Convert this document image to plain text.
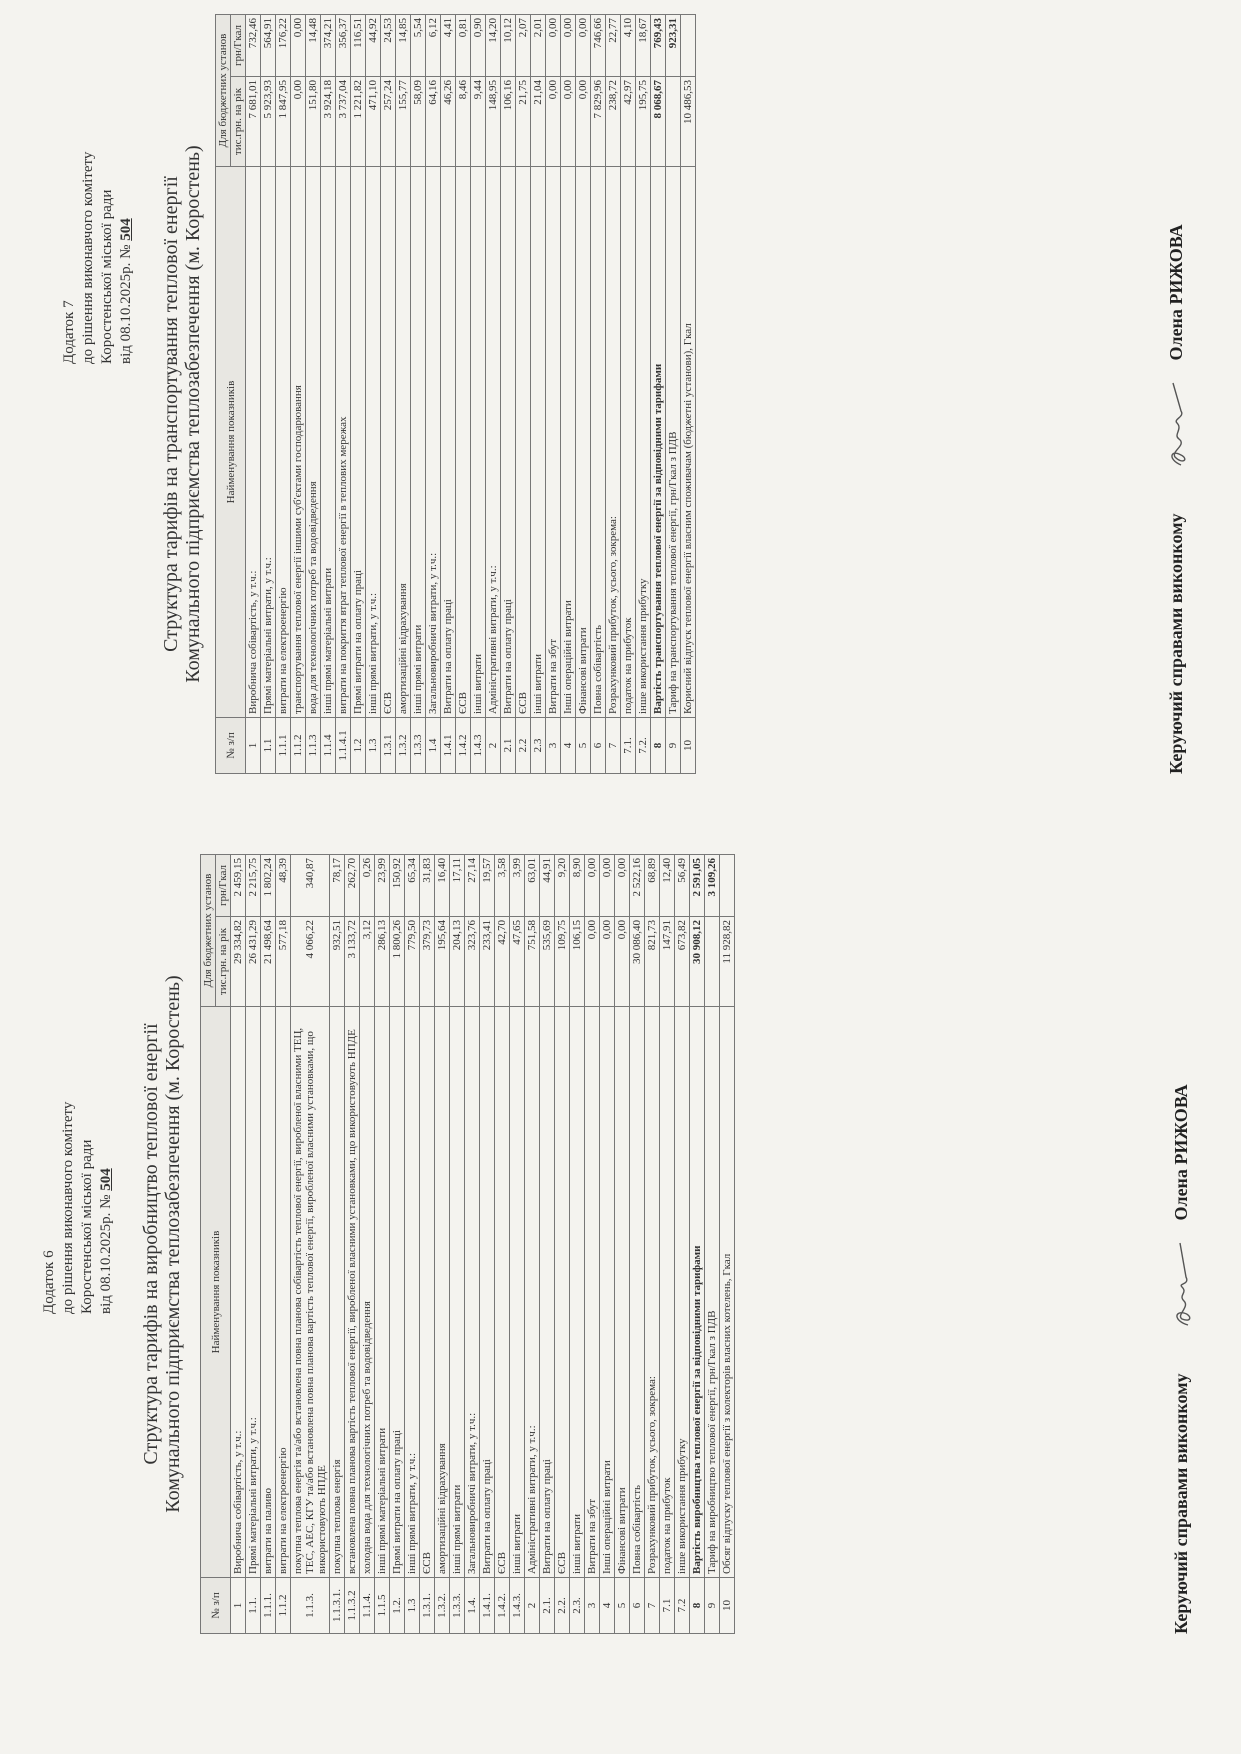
Додаток 6 до рішення виконавчого комітету Коростенської міської ради від 08.10.2025р. № 504 Структура тарифів на виробництво теплової енергії Комунального підприємства теплозабезпечення (м. Коростень)
№ з/п	Найменування показників	Для бюджетних установ	
		тис.грн. на рік	грн/Гкал
1	Виробнича собівартість, у т.ч.:	29 334,82	2 459,15
1.1.	Прямі матеріальні витрати, у т.ч.:	26 431,29	2 215,75
1.1.1.	витрати на паливо	21 498,64	1 802,24
1.1.2	витрати на електроенергію	577,18	48,39
1.1.3.	покупна теплова енергія та/або встановлена повна планова собівартість теплової енергії, виробленої власними ТЕЦ, ТЕС, АЕС, КГУ та/або встановлена повна планова вартість теплової енергії, виробленої власними установками, що використовують НПДЕ	4 066,22	340,87
1.1.3.1.	покупна теплова енергія	932,51	78,17
1.1.3.2	встановлена повна планова вартість теплової енергії, виробленої власними установками, що використовують НПДЕ	3 133,72	262,70
1.1.4.	холодна вода для технологічних потреб та водовідведення	3,12	0,26
1.1.5	інші прямі матеріальні витрати	286,13	23,99
1.2.	Прямі витрати на оплату праці	1 800,26	150,92
1.3	інші прямі витрати, у т.ч.:	779,50	65,34
1.3.1.	ЄСВ	379,73	31,83
1.3.2.	амортизаційні відрахування	195,64	16,40
1.3.3.	інші прямі витрати	204,13	17,11
1.4.	Загальновиробничі витрати, у т.ч.:	323,76	27,14
1.4.1.	Витрати на оплату праці	233,41	19,57
1.4.2.	ЄСВ	42,70	3,58
1.4.3.	інші витрати	47,65	3,99
2	Адміністративні витрати, у т.ч.:	751,58	63,01
2.1.	Витрати на оплату праці	535,69	44,91
2.2.	ЄСВ	109,75	9,20
2.3.	інші витрати	106,15	8,90
3	Витрати на збут	0,00	0,00
4	Інші операційні витрати	0,00	0,00
5	Фінансові витрати	0,00	0,00
6	Повна собівартість	30 086,40	2 522,16
7	Розрахунковий прибуток, усього, зокрема:	821,73	68,89
7.1	податок на прибуток	147,91	12,40
7.2	інше використання прибутку	673,82	56,49
8	Вартість виробництва теплової енергії за відповідними тарифами	30 908,12	2 591,05
9	Тариф на виробництво теплової енергії, грн/Гкал з ПДВ		3 109,26
10	Обсяг відпуску теплової енергії з колекторів власних котелень, Гкал	11 928,82	
Керуючий справами виконкому  Олена РИЖОВА
Додаток 7 до рішення виконавчого комітету Коростенської міської ради від 08.10.2025р. № 504 Структура тарифів на транспортування теплової енергії Комунального підприємства теплозабезпечення (м. Коростень)
№ з/п	Найменування показників	Для бюджетних установ	
		тис.грн. на рік	грн/Гкал
1	Виробнича собівартість, у т.ч.:	7 681,01	732,46
1.1	Прямі матеріальні витрати, у т.ч.:	5 923,93	564,91
1.1.1	витрати на електроенергію	1 847,95	176,22
1.1.2	транспортування теплової енергії іншими суб'єктами господарювання	0,00	0,00
1.1.3	вода для технологічних потреб та водовідведення	151,80	14,48
1.1.4	інші прямі матеріальні витрати	3 924,18	374,21
1.1.4.1	витрати на покриття втрат теплової енергії в теплових мережах	3 737,04	356,37
1.2	Прямі витрати на оплату праці	1 221,82	116,51
1.3	інші прямі витрати, у т.ч.:	471,10	44,92
1.3.1	ЄСВ	257,24	24,53
1.3.2	амортизаційні відрахування	155,77	14,85
1.3.3	інші прямі витрати	58,09	5,54
1.4	Загальновиробничі витрати, у т.ч.:	64,16	6,12
1.4.1	Витрати на оплату праці	46,26	4,41
1.4.2	ЄСВ	8,46	0,81
1.4.3	інші витрати	9,44	0,90
2	Адміністративні витрати, у т.ч.:	148,95	14,20
2.1	Витрати на оплату праці	106,16	10,12
2.2	ЄСВ	21,75	2,07
2.3	інші витрати	21,04	2,01
3	Витрати на збут	0,00	0,00
4	Інші операційні витрати	0,00	0,00
5	Фінансові витрати	0,00	0,00
6	Повна собівартість	7 829,96	746,66
7	Розрахунковий прибуток, усього, зокрема:	238,72	22,77
7.1.	податок на прибуток	42,97	4,10
7.2.	інше використання прибутку	195,75	18,67
8	Вартість транспортування теплової енергії за відповідними тарифами	8 068,67	769,43
9	Тариф на транспортування теплової енергії, грн/Гкал з ПДВ		923,31
10	Корисний відпуск теплової енергії власним споживачам (бюджетні установи), Гкал	10 486,53	
Керуючий справами виконкому  Олена РИЖОВА
